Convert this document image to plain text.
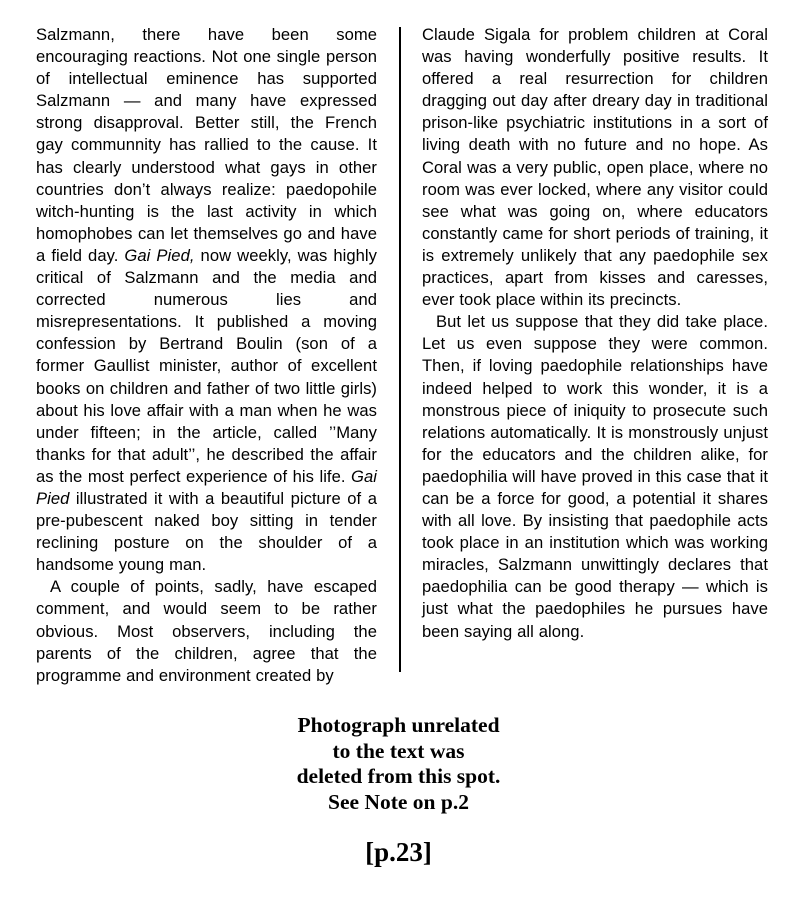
Salzmann, there have been some encouraging reactions. Not one single person of intellectual eminence has supported Salzmann — and many have expressed strong disapproval. Better still, the French gay communnity has rallied to the cause. It has clearly understood what gays in other countries don’t always realize: paedopohile witch-hunting is the last activity in which homophobes can let themselves go and have a field day. Gai Pied, now weekly, was highly critical of Salzmann and the media and corrected numerous lies and misrepresentations. It published a moving confession by Bertrand Boulin (son of a former Gaullist minister, author of excellent books on children and father of two little girls) about his love affair with a man when he was under fifteen; in the article, called ’’Many thanks for that adult’’, he described the affair as the most perfect experience of his life. Gai Pied illustrated it with a beautiful picture of a pre-pubescent naked boy sitting in tender reclining posture on the shoulder of a handsome young man.

A couple of points, sadly, have escaped comment, and would seem to be rather obvious. Most observers, including the parents of the children, agree that the programme and environment created by

Claude Sigala for problem children at Coral was having wonderfully positive results. It offered a real resurrection for children dragging out day after dreary day in traditional prison-like psychiatric institutions in a sort of living death with no future and no hope. As Coral was a very public, open place, where no room was ever locked, where any visitor could see what was going on, where educators constantly came for short periods of training, it is extremely unlikely that any paedophile sex practices, apart from kisses and caresses, ever took place within its precincts.

But let us suppose that they did take place. Let us even suppose they were common. Then, if loving paedophile relationships have indeed helped to work this wonder, it is a monstrous piece of iniquity to prosecute such relations automatically. It is monstrously unjust for the educators and the children alike, for paedophilia will have proved in this case that it can be a force for good, a potential it shares with all love. By insisting that paedophile acts took place in an institution which was working miracles, Salzmann unwittingly declares that paedophilia can be good therapy — which is just what the paedophiles he pursues have been saying all along.

Photograph unrelated
to the text was
deleted from this spot.
See Note on p.2
[p.23]
